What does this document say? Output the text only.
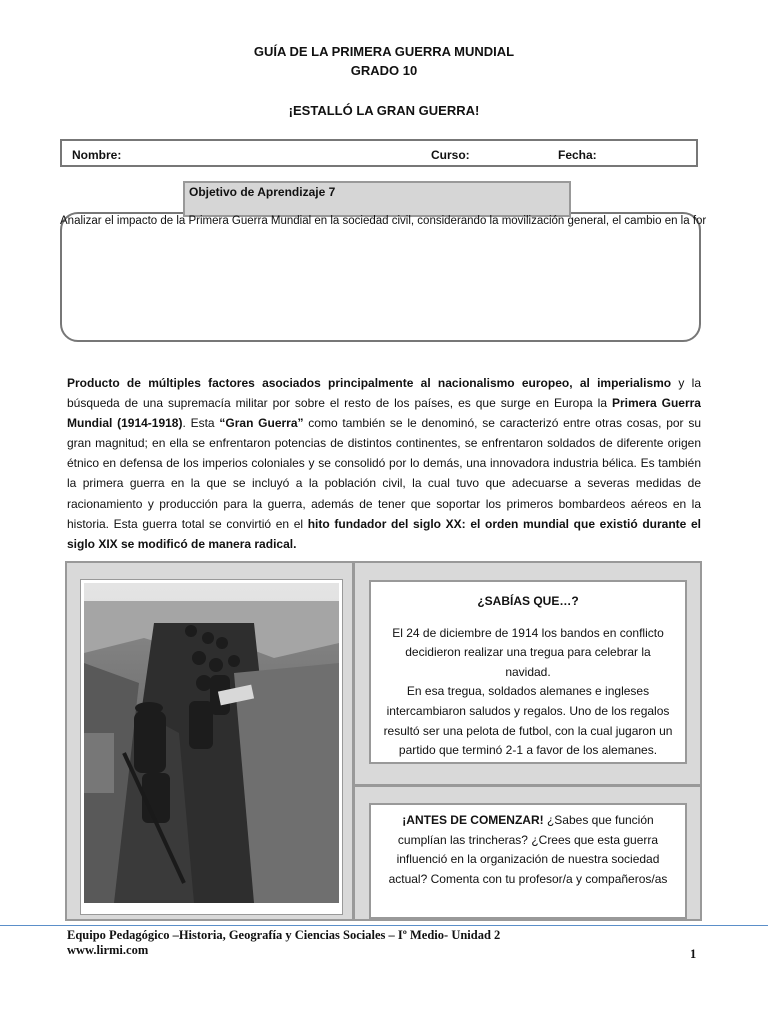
GUÍA DE LA PRIMERA GUERRA MUNDIAL
GRADO 10
¡ESTALLÓ LA GRAN GUERRA!
Nombre:	Curso:	Fecha:
Objetivo de Aprendizaje 7
Analizar el impacto de la Primera Guerra Mundial en la sociedad civil, considerando la movilización general, el cambio en la for
Producto de múltiples factores asociados principalmente al nacionalismo europeo, al imperialismo y la búsqueda de una supremacía militar por sobre el resto de los países, es que surge en Europa la Primera Guerra Mundial (1914-1918). Esta “Gran Guerra” como también se le denominó, se caracterizó entre otras cosas, por su gran magnitud; en ella se enfrentaron potencias de distintos continentes, se enfrentaron soldados de diferente origen étnico en defensa de los imperios coloniales y se consolidó por lo demás, una innovadora industria bélica. Es también la primera guerra en la que se incluyó a la población civil, la cual tuvo que adecuarse a severas medidas de racionamiento y producción para la guerra, además de tener que soportar los primeros bombardeos aéreos en la historia. Esta guerra total se convirtió en el hito fundador del siglo XX: el orden mundial que existió durante el siglo XIX se modificó de manera radical.
¿SABÍAS QUE…?
El 24 de diciembre de 1914 los bandos en conflicto decidieron realizar una tregua para celebrar la navidad.
En esa tregua, soldados alemanes e ingleses intercambiaron saludos y regalos. Uno de los regalos resultó ser una pelota de futbol, con la cual jugaron un partido que terminó 2-1 a favor de los alemanes.
¡ANTES DE COMENZAR! ¿Sabes que función cumplían las trincheras? ¿Crees que esta guerra influenció en la organización de nuestra sociedad actual? Comenta con tu profesor/a y compañeros/as
Equipo Pedagógico –Historia, Geografía y Ciencias Sociales – Iº Medio- Unidad 2
www.lirmi.com	1
